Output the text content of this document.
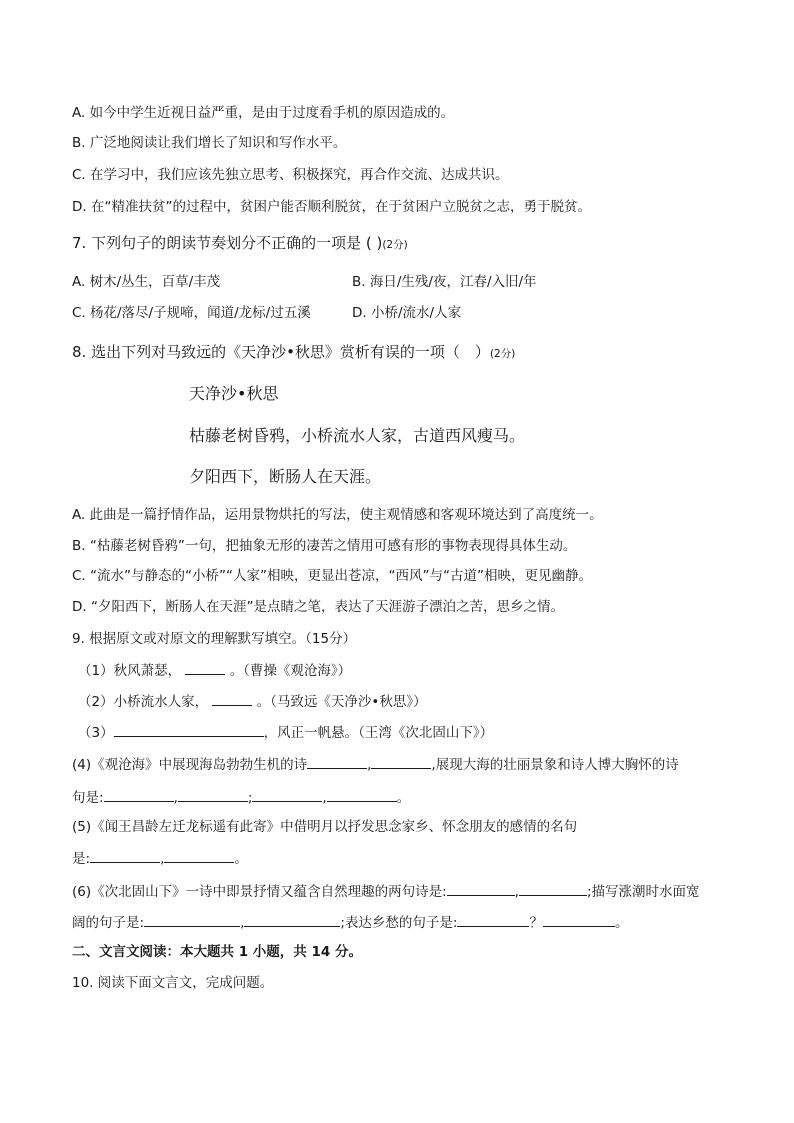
A. 如今中学生近视日益严重，是由于过度看手机的原因造成的。
B. 广泛地阅读让我们增长了知识和写作水平。
C. 在学习中，我们应该先独立思考、积极探究，再合作交流、达成共识。
D. 在“精准扶贫”的过程中，贫困户能否顺利脱贫，在于贫困户立脱贫之志，勇于脱贫。
7. 下列句子的朗读节奏划分不正确的一项是 ( )(2分)
A. 树木/丛生，百草/丰茂	B. 海日/生残/夜，江春/入旧/年
C. 杨花/落尽/子规啼，闻道/龙标/过五溪	D. 小桥/流水/人家
8. 选出下列对马致远的《天净沙•秋思》赏析有误的一项（　）(2分)
天净沙•秋思
枯藤老树昏鸦，小桥流水人家，古道西风瘦马。
夕阳西下，断肠人在天涯。
A. 此曲是一篇抒情作品，运用景物烘托的写法，使主观情感和客观环境达到了高度统一。
B. “枯藤老树昏鸦”一句，把抽象无形的凄苦之情用可感有形的事物表现得具体生动。
C. “流水”与静态的“小桥”“人家”相映，更显出苍凉，“西风”与“古道”相映，更见幽静。
D. “夕阳西下，断肠人在天涯”是点睛之笔，表达了天涯游子漂泊之苦，思乡之情。
9. 根据原文或对原文的理解默写填空。（15分）
（1）秋风萧瑟，	。（曹操《观沧海》）
（2）小桥流水人家，	。（马致远《天净沙•秋思》）
（3）	，风正一帆悬。（王湾《次北固山下》）
(4)《观沧海》中展现海岛勃勃生机的诗	,	,展现大海的壮丽景象和诗人博大胸怀的诗
句是:	,	;	,	。
(5)《闻王昌龄左迁龙标遥有此寄》中借明月以抒发思念家乡、怀念朋友的感情的名句
是:	,	。
(6)《次北固山下》一诗中即景抒情又蕴含自然理趣的两句诗是:	,	;描写涨潮时水面宽
阔的句子是:	,	;表达乡愁的句子是:	？	。
二、文言文阅读：本大题共 1 小题，共 14 分。
10. 阅读下面文言文，完成问题。
